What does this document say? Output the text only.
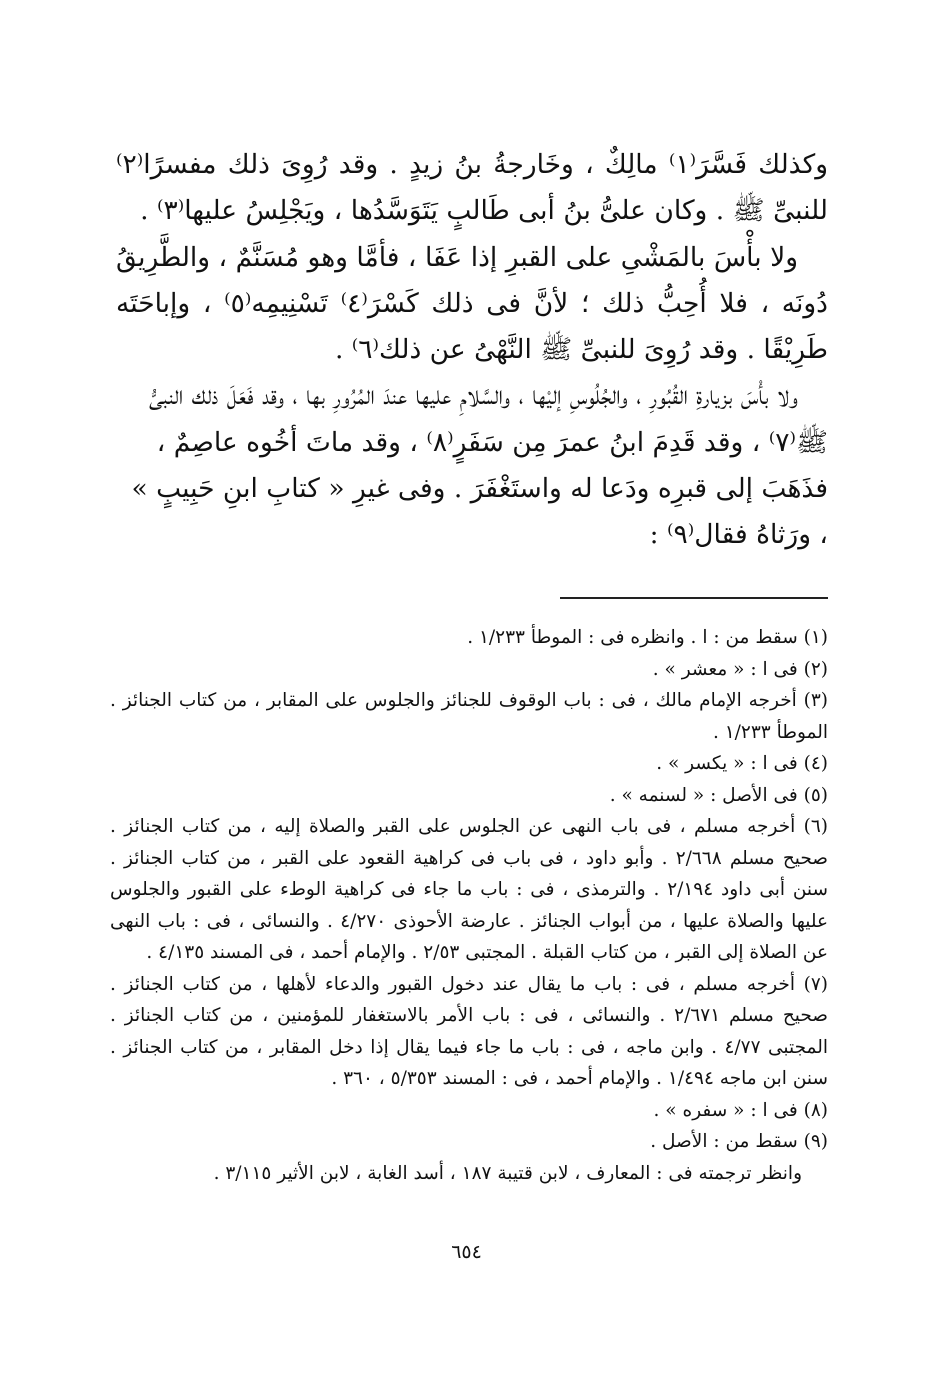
وكذلك فَسَّرَ⁽١⁾ مالِكٌ ، وخَارجةُ بنُ زيدٍ . وقد رُوِىَ ذلك مفسرًا⁽٢⁾ للنبىِّ ﷺ . وكان علىُّ بنُ أبى طَالبٍ يَتَوَسَّدُها ، ويَجْلِسُ عليها⁽٣⁾ .

ولا بأْسَ بالمَشْىِ على القبرِ إذا عَفَا ، فأمَّا وهو مُسَنَّمٌ ، والطَّرِيقُ دُونَه ، فلا أُحِبُّ ذلك ؛ لأنَّ فى ذلك كَسْرَ⁽٤⁾ تَسْنِيمِه⁽٥⁾ ، وإباحَتَه طَرِيْقًا . وقد رُوِىَ للنبىِّ ﷺ النَّهْىُ عن ذلك⁽٦⁾ .

ولا بأْسَ بزيارةِ القُبُورِ ، والجُلُوسِ إليْها ، والسَّلامِ عليها عندَ المُرُورِ بها ، وقد فَعَلَ ذلك النبىُّ ﷺ⁽٧⁾ ، وقد قَدِمَ ابنُ عمرَ مِن سَفَرٍ⁽٨⁾ ، وقد ماتَ أخُوه عاصِمٌ ، فذَهَبَ إلى قبرِه ودَعا له واستَغْفَرَ . وفى غيرِ « كتابِ ابنِ حَبِيبٍ » ، ورَثاهُ فقال⁽٩⁾ :

(١) سقط من : ا . وانظره فى : الموطأ ١/٢٣٣ .

(٢) فى ا : « معشر » .

(٣) أخرجه الإمام مالك ، فى : باب الوقوف للجنائز والجلوس على المقابر ، من كتاب الجنائز . الموطأ ١/٢٣٣ .

(٤) فى ا : « يكسر » .

(٥) فى الأصل : « لسنمه » .

(٦) أخرجه مسلم ، فى باب النهى عن الجلوس على القبر والصلاة إليه ، من كتاب الجنائز . صحيح مسلم ٢/٦٦٨ . وأبو داود ، فى باب فى كراهية القعود على القبر ، من كتاب الجنائز . سنن أبى داود ٢/١٩٤ . والترمذى ، فى : باب ما جاء فى كراهية الوطء على القبور والجلوس عليها والصلاة عليها ، من أبواب الجنائز . عارضة الأحوذى ٤/٢٧٠ . والنسائى ، فى : باب النهى عن الصلاة إلى القبر ، من كتاب القبلة . المجتبى ٢/٥٣ . والإمام أحمد ، فى المسند ٤/١٣٥ .

(٧) أخرجه مسلم ، فى : باب ما يقال عند دخول القبور والدعاء لأهلها ، من كتاب الجنائز . صحيح مسلم ٢/٦٧١ . والنسائى ، فى : باب الأمر بالاستغفار للمؤمنين ، من كتاب الجنائز . المجتبى ٤/٧٧ . وابن ماجه ، فى : باب ما جاء فيما يقال إذا دخل المقابر ، من كتاب الجنائز . سنن ابن ماجه ١/٤٩٤ . والإمام أحمد ، فى : المسند ٥/٣٥٣ ، ٣٦٠ .

(٨) فى ا : « سفره » .

(٩) سقط من : الأصل .

وانظر ترجمته فى : المعارف ، لابن قتيبة ١٨٧ ، أسد الغابة ، لابن الأثير ٣/١١٥ .

٦٥٤
